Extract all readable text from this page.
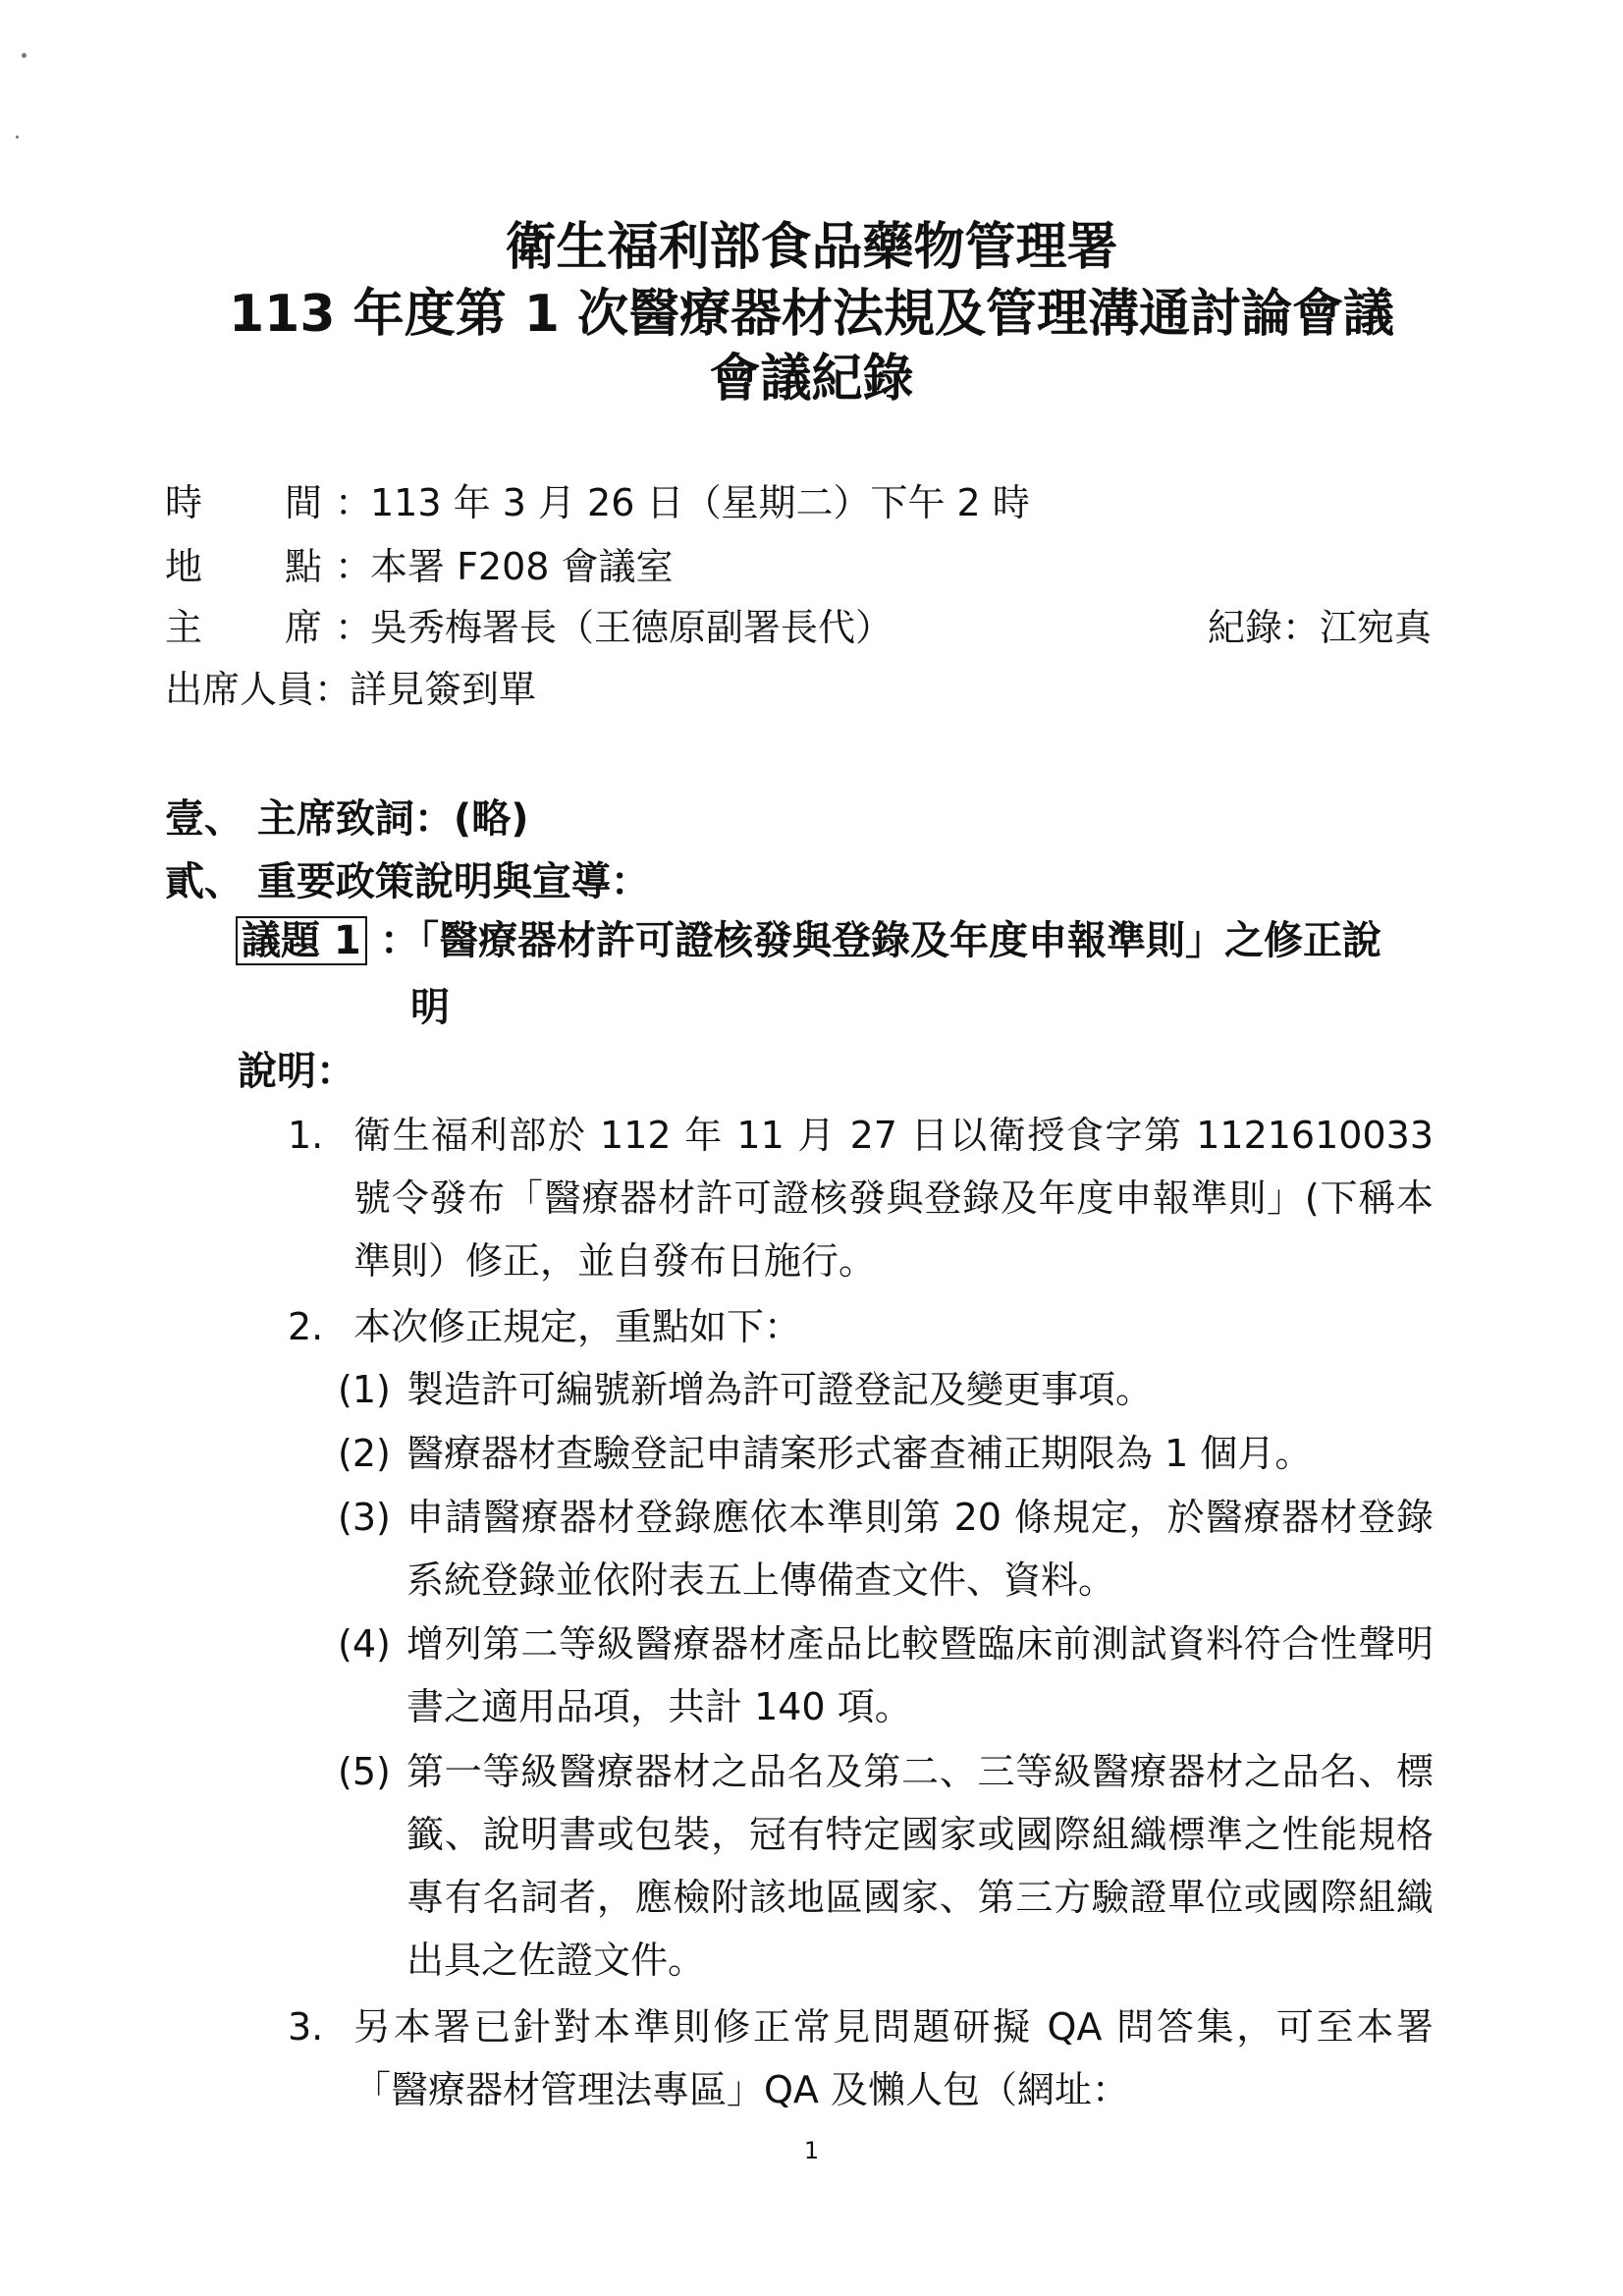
衛生福利部食品藥物管理署
113 年度第 1 次醫療器材法規及管理溝通討論會議
會議紀錄
時 間 ：113 年 3 月 26 日（星期二）下午 2 時
地 點 ：本署 F208 會議室
主 席 ：吳秀梅署長（王德原副署長代）	紀錄：江宛真
出席人員：詳見簽到單
壹、 主席致詞：(略)
貳、 重要政策說明與宣導：
議題 1 ：「醫療器材許可證核發與登錄及年度申報準則」之修正說
明
說明：
1. 衛生福利部於 112 年 11 月 27 日以衛授食字第 1121610033 號令發布「醫療器材許可證核發與登錄及年度申報準則」(下稱本準則）修正，並自發布日施行。
2. 本次修正規定，重點如下：
(1) 製造許可編號新增為許可證登記及變更事項。
(2) 醫療器材查驗登記申請案形式審查補正期限為 1 個月。
(3) 申請醫療器材登錄應依本準則第 20 條規定，於醫療器材登錄系統登錄並依附表五上傳備查文件、資料。
(4) 增列第二等級醫療器材產品比較暨臨床前測試資料符合性聲明書之適用品項，共計 140 項。
(5) 第一等級醫療器材之品名及第二、三等級醫療器材之品名、標籤、說明書或包裝，冠有特定國家或國際組織標準之性能規格專有名詞者，應檢附該地區國家、第三方驗證單位或國際組織出具之佐證文件。
3. 另本署已針對本準則修正常見問題研擬 QA 問答集，可至本署「醫療器材管理法專區」QA 及懶人包（網址：
1
